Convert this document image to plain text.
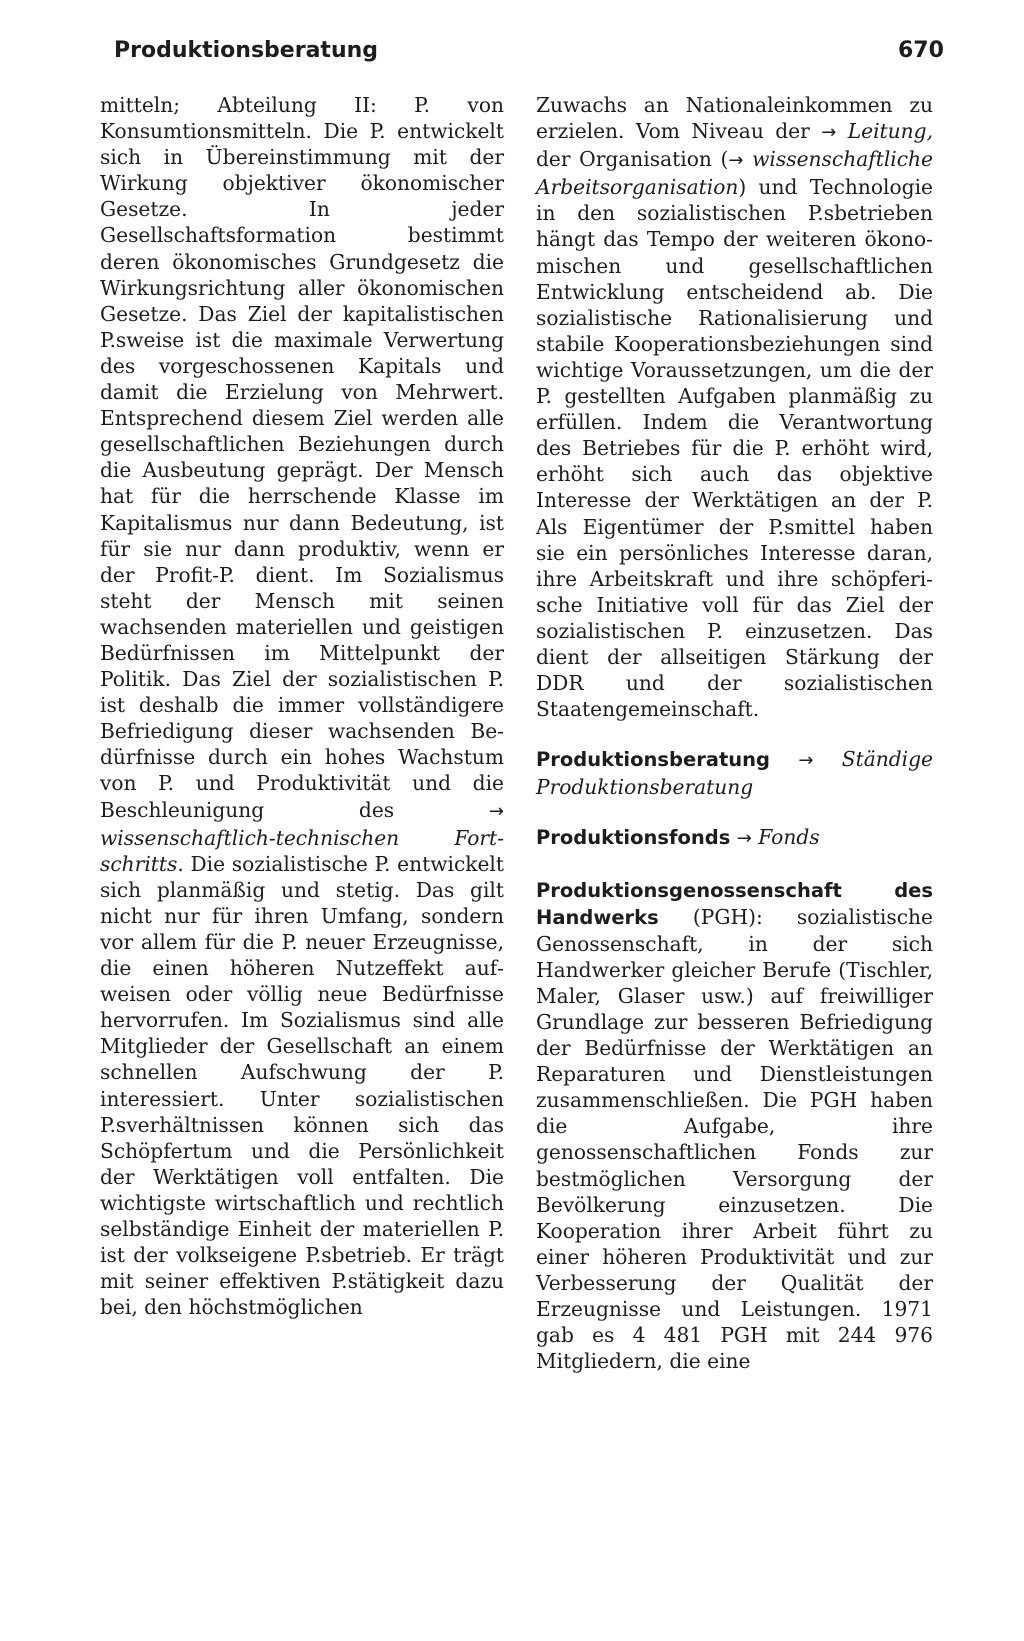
Produktionsberatung	670

mitteln; Abteilung II: P. von Konsumtionsmitteln. Die P. entwickelt sich in Übereinstimmung mit der Wirkung objektiver ökonomischer Gesetze. In jeder Gesellschaftsformation bestimmt deren ökonomisches Grundgesetz die Wirkungsrichtung aller ökonomischen Gesetze. Das Ziel der kapitalistischen P.sweise ist die maximale Verwertung des vorgeschossenen Kapitals und damit die Erzielung von Mehrwert. Entsprechend diesem Ziel werden alle gesellschaftlichen Beziehungen durch die Ausbeutung geprägt. Der Mensch hat für die herrschende Klasse im Kapitalismus nur dann Bedeutung, ist für sie nur dann produktiv, wenn er der Profit-P. dient. Im Sozialismus steht der Mensch mit seinen wachsenden materiellen und geistigen Bedürfnissen im Mittelpunkt der Politik. Das Ziel der sozialistischen P. ist deshalb die immer vollständigere Befriedigung dieser wachsenden Bedürfnisse durch ein hohes Wachstum von P. und Produktivität und die Beschleunigung des	→ wissenschaftlich-technischen Fortschritts. Die sozialistische P. entwickelt sich planmäßig und stetig. Das gilt nicht nur für ihren Umfang, sondern vor allem für die P. neuer Erzeugnisse, die einen höheren Nutzeffekt aufweisen oder völlig neue Bedürfnisse hervorrufen. Im Sozialismus sind alle Mitglieder der Gesellschaft an einem schnellen Aufschwung der P. interessiert. Unter sozialistischen P.sverhältnissen können sich das Schöpfertum und die Persönlichkeit der Werktätigen voll entfalten. Die wichtigste wirtschaftlich und rechtlich selbständige Einheit der materiellen P. ist der volkseigene P.sbetrieb. Er trägt mit seiner effektiven P.stätigkeit dazu bei, den höchstmöglichen

Zuwachs an Nationaleinkommen zu erzielen. Vom Niveau der → Leitung, der Organisation (→ wissenschaftliche Arbeitsorganisation) und Technologie in den sozialistischen P.sbetrieben hängt das Tempo der weiteren ökonomischen und gesellschaftlichen Entwicklung entscheidend ab. Die sozialistische Rationalisierung und stabile Kooperationsbeziehungen sind wichtige Voraussetzungen, um die der P. gestellten Aufgaben planmäßig zu erfüllen. Indem die Verantwortung des Betriebes für die P. erhöht wird, erhöht sich auch das objektive Interesse der Werktätigen an der P. Als Eigentümer der P.smittel haben sie ein persönliches Interesse daran, ihre Arbeitskraft und ihre schöpferische Initiative voll für das Ziel der sozialistischen P. einzusetzen. Das dient der allseitigen Stärkung der DDR und der sozialistischen Staatengemeinschaft.

Produktionsberatung → Ständige Produktionsberatung

Produktionsfonds → Fonds

Produktionsgenossenschaft des Handwerks (PGH): sozialistische Genossenschaft, in der sich Handwerker gleicher Berufe (Tischler, Maler, Glaser usw.) auf freiwilliger Grundlage zur besseren Befriedigung der Bedürfnisse der Werktätigen an Reparaturen und Dienstleistungen zusammenschließen. Die PGH haben die Aufgabe, ihre genossenschaftlichen Fonds zur bestmöglichen Versorgung der Bevölkerung einzusetzen. Die Kooperation ihrer Arbeit führt zu einer höheren Produktivität und zur Verbesserung der Qualität der Erzeugnisse und Leistungen. 1971 gab es 4 481 PGH mit 244 976 Mitgliedern, die eine
